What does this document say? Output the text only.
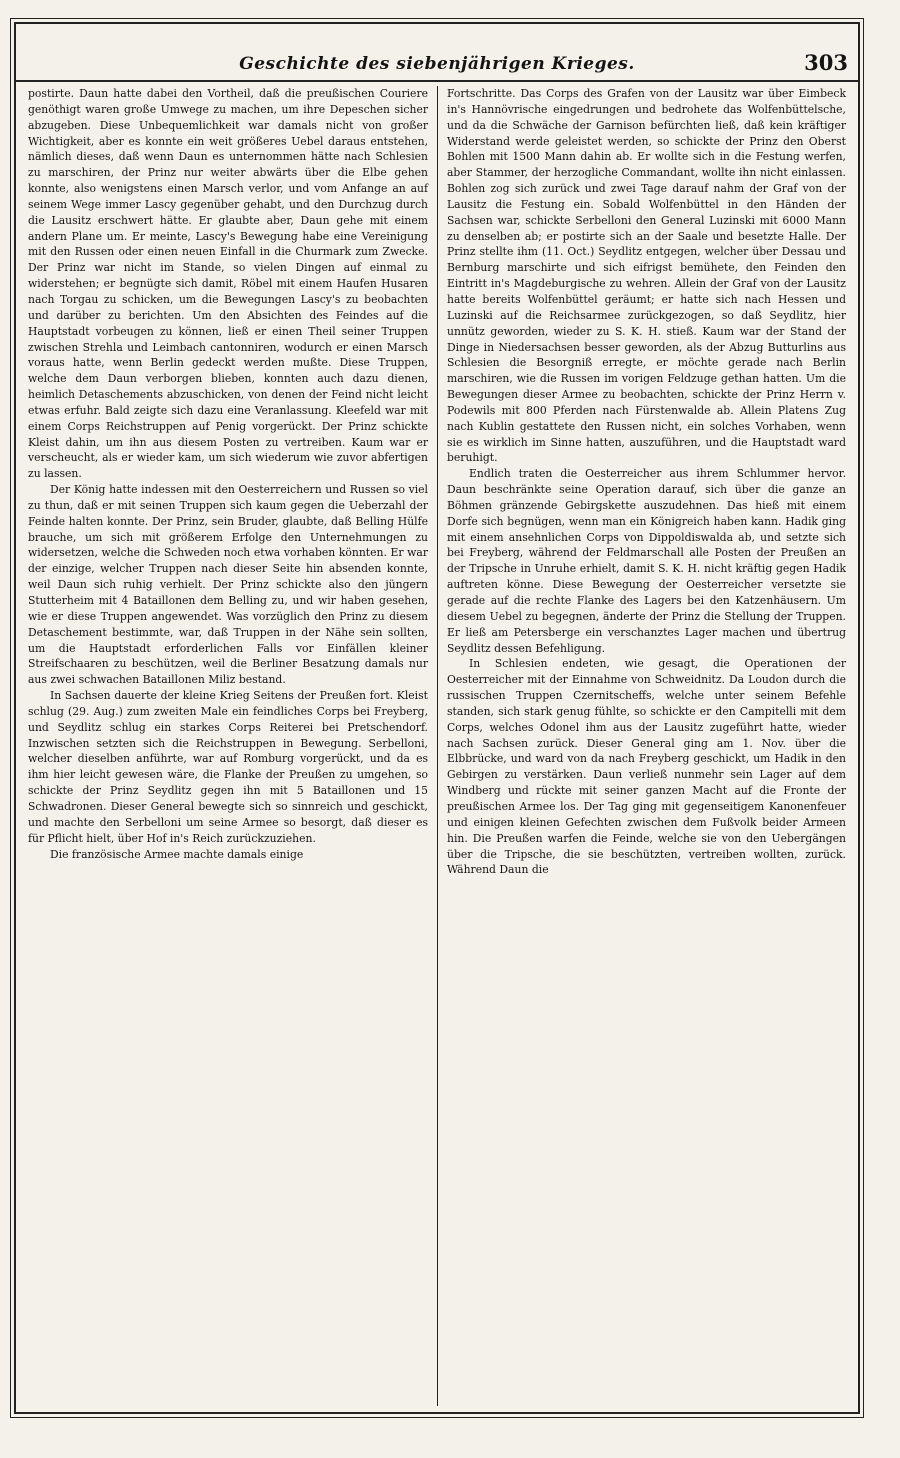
Geschichte des siebenjährigen Krieges.	303

postirte. Daun hatte dabei den Vortheil, daß die preußischen Couriere genöthigt waren große Umwege zu machen, um ihre Depeschen sicher abzugeben. Diese Unbequemlichkeit war damals nicht von großer Wichtigkeit, aber es konnte ein weit größeres Uebel daraus entstehen, nämlich dieses, daß wenn Daun es unternommen hätte nach Schlesien zu marschiren, der Prinz nur weiter abwärts über die Elbe gehen konnte, also wenigstens einen Marsch verlor, und vom Anfange an auf seinem Wege immer Lascy gegenüber gehabt, und den Durchzug durch die Lausitz erschwert hätte. Er glaubte aber, Daun gehe mit einem andern Plane um. Er meinte, Lascy's Bewegung habe eine Vereinigung mit den Russen oder einen neuen Einfall in die Churmark zum Zwecke. Der Prinz war nicht im Stande, so vielen Dingen auf einmal zu widerstehen; er begnügte sich damit, Röbel mit einem Haufen Husaren nach Torgau zu schicken, um die Bewegungen Lascy's zu beobachten und darüber zu berichten. Um den Absichten des Feindes auf die Hauptstadt vorbeugen zu können, ließ er einen Theil seiner Truppen zwischen Strehla und Leimbach cantonniren, wodurch er einen Marsch voraus hatte, wenn Berlin gedeckt werden mußte. Diese Truppen, welche dem Daun verborgen blieben, konnten auch dazu dienen, heimlich Detaschements abzuschicken, von denen der Feind nicht leicht etwas erfuhr. Bald zeigte sich dazu eine Veranlassung. Kleefeld war mit einem Corps Reichstruppen auf Penig vorgerückt. Der Prinz schickte Kleist dahin, um ihn aus diesem Posten zu vertreiben. Kaum war er verscheucht, als er wieder kam, um sich wiederum wie zuvor abfertigen zu lassen.

Der König hatte indessen mit den Oesterreichern und Russen so viel zu thun, daß er mit seinen Truppen sich kaum gegen die Ueberzahl der Feinde halten konnte. Der Prinz, sein Bruder, glaubte, daß Belling Hülfe brauche, um sich mit größerem Erfolge den Unternehmungen zu widersetzen, welche die Schweden noch etwa vorhaben könnten. Er war der einzige, welcher Truppen nach dieser Seite hin absenden konnte, weil Daun sich ruhig verhielt. Der Prinz schickte also den jüngern Stutterheim mit 4 Bataillonen dem Belling zu, und wir haben gesehen, wie er diese Truppen angewendet. Was vorzüglich den Prinz zu diesem Detaschement bestimmte, war, daß Truppen in der Nähe sein sollten, um die Hauptstadt erforderlichen Falls vor Einfällen kleiner Streifschaaren zu beschützen, weil die Berliner Besatzung damals nur aus zwei schwachen Bataillonen Miliz bestand.

In Sachsen dauerte der kleine Krieg Seitens der Preußen fort. Kleist schlug (29. Aug.) zum zweiten Male ein feindliches Corps bei Freyberg, und Seydlitz schlug ein starkes Corps Reiterei bei Pretschendorf. Inzwischen setzten sich die Reichstruppen in Bewegung. Serbelloni, welcher dieselben anführte, war auf Romburg vorgerückt, und da es ihm hier leicht gewesen wäre, die Flanke der Preußen zu umgehen, so schickte der Prinz Seydlitz gegen ihn mit 5 Bataillonen und 15 Schwadronen. Dieser General bewegte sich so sinnreich und geschickt, und machte den Serbelloni um seine Armee so besorgt, daß dieser es für Pflicht hielt, über Hof in's Reich zurückzuziehen.

Die französische Armee machte damals einige

Fortschritte. Das Corps des Grafen von der Lausitz war über Eimbeck in's Hannövrische eingedrungen und bedrohete das Wolfenbüttelsche, und da die Schwäche der Garnison befürchten ließ, daß kein kräftiger Widerstand werde geleistet werden, so schickte der Prinz den Oberst Bohlen mit 1500 Mann dahin ab. Er wollte sich in die Festung werfen, aber Stammer, der herzogliche Commandant, wollte ihn nicht einlassen. Bohlen zog sich zurück und zwei Tage darauf nahm der Graf von der Lausitz die Festung ein. Sobald Wolfenbüttel in den Händen der Sachsen war, schickte Serbelloni den General Luzinski mit 6000 Mann zu denselben ab; er postirte sich an der Saale und besetzte Halle. Der Prinz stellte ihm (11. Oct.) Seydlitz entgegen, welcher über Dessau und Bernburg marschirte und sich eifrigst bemühete, den Feinden den Eintritt in's Magdeburgische zu wehren. Allein der Graf von der Lausitz hatte bereits Wolfenbüttel geräumt; er hatte sich nach Hessen und Luzinski auf die Reichsarmee zurückgezogen, so daß Seydlitz, hier unnütz geworden, wieder zu S. K. H. stieß. Kaum war der Stand der Dinge in Niedersachsen besser geworden, als der Abzug Butturlins aus Schlesien die Besorgniß erregte, er möchte gerade nach Berlin marschiren, wie die Russen im vorigen Feldzuge gethan hatten. Um die Bewegungen dieser Armee zu beobachten, schickte der Prinz Herrn v. Podewils mit 800 Pferden nach Fürstenwalde ab. Allein Platens Zug nach Kublin gestattete den Russen nicht, ein solches Vorhaben, wenn sie es wirklich im Sinne hatten, auszuführen, und die Hauptstadt ward beruhigt.

Endlich traten die Oesterreicher aus ihrem Schlummer hervor. Daun beschränkte seine Operation darauf, sich über die ganze an Böhmen gränzende Gebirgskette auszudehnen. Das hieß mit einem Dorfe sich begnügen, wenn man ein Königreich haben kann. Hadik ging mit einem ansehnlichen Corps von Dippoldiswalda ab, und setzte sich bei Freyberg, während der Feldmarschall alle Posten der Preußen an der Tripsche in Unruhe erhielt, damit S. K. H. nicht kräftig gegen Hadik auftreten könne. Diese Bewegung der Oesterreicher versetzte sie gerade auf die rechte Flanke des Lagers bei den Katzenhäusern. Um diesem Uebel zu begegnen, änderte der Prinz die Stellung der Truppen. Er ließ am Petersberge ein verschanztes Lager machen und übertrug Seydlitz dessen Befehligung.

In Schlesien endeten, wie gesagt, die Operationen der Oesterreicher mit der Einnahme von Schweidnitz. Da Loudon durch die russischen Truppen Czernitscheffs, welche unter seinem Befehle standen, sich stark genug fühlte, so schickte er den Campitelli mit dem Corps, welches Odonel ihm aus der Lausitz zugeführt hatte, wieder nach Sachsen zurück. Dieser General ging am 1. Nov. über die Elbbrücke, und ward von da nach Freyberg geschickt, um Hadik in den Gebirgen zu verstärken. Daun verließ nunmehr sein Lager auf dem Windberg und rückte mit seiner ganzen Macht auf die Fronte der preußischen Armee los. Der Tag ging mit gegenseitigem Kanonenfeuer und einigen kleinen Gefechten zwischen dem Fußvolk beider Armeen hin. Die Preußen warfen die Feinde, welche sie von den Uebergängen über die Tripsche, die sie beschützten, vertreiben wollten, zurück. Während Daun die
